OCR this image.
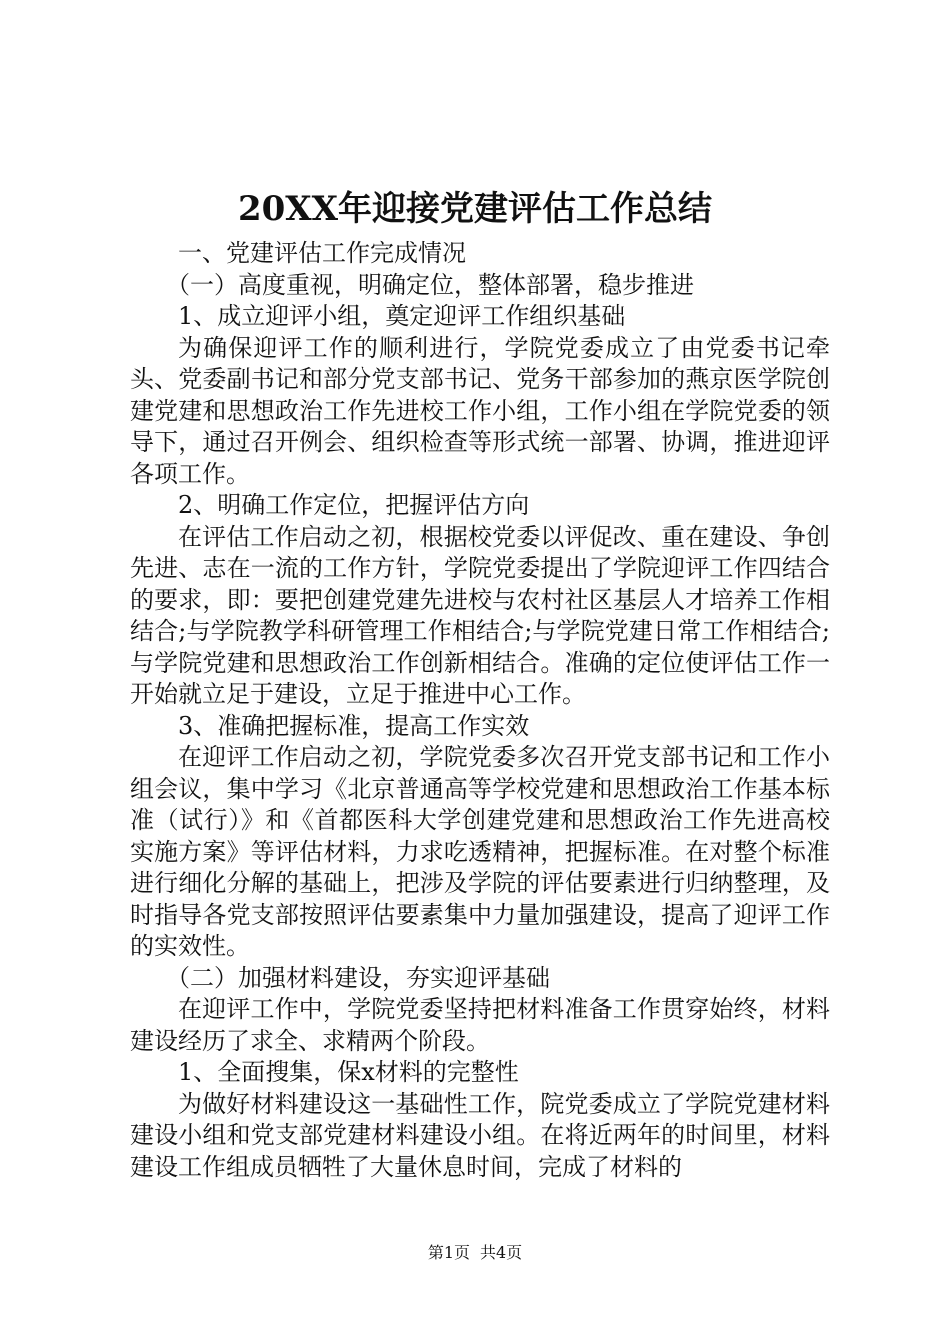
20XX年迎接党建评估工作总结

一、党建评估工作完成情况

（一）高度重视，明确定位，整体部署，稳步推进

1、成立迎评小组，奠定迎评工作组织基础

为确保迎评工作的顺利进行，学院党委成立了由党委书记牵头、党委副书记和部分党支部书记、党务干部参加的燕京医学院创建党建和思想政治工作先进校工作小组，工作小组在学院党委的领导下，通过召开例会、组织检查等形式统一部署、协调，推进迎评各项工作。

2、明确工作定位，把握评估方向

在评估工作启动之初，根据校党委以评促改、重在建设、争创先进、志在一流的工作方针，学院党委提出了学院迎评工作四结合的要求，即：要把创建党建先进校与农村社区基层人才培养工作相结合;与学院教学科研管理工作相结合;与学院党建日常工作相结合;与学院党建和思想政治工作创新相结合。准确的定位使评估工作一开始就立足于建设，立足于推进中心工作。

3、准确把握标准，提高工作实效

在迎评工作启动之初，学院党委多次召开党支部书记和工作小组会议，集中学习《北京普通高等学校党建和思想政治工作基本标准（试行）》和《首都医科大学创建党建和思想政治工作先进高校实施方案》等评估材料，力求吃透精神，把握标准。在对整个标准进行细化分解的基础上，把涉及学院的评估要素进行归纳整理，及时指导各党支部按照评估要素集中力量加强建设，提高了迎评工作的实效性。

（二）加强材料建设，夯实迎评基础

在迎评工作中，学院党委坚持把材料准备工作贯穿始终，材料建设经历了求全、求精两个阶段。

1、全面搜集，保x材料的完整性

为做好材料建设这一基础性工作，院党委成立了学院党建材料建设小组和党支部党建材料建设小组。在将近两年的时间里，材料建设工作组成员牺牲了大量休息时间，完成了材料的

第1页 共4页
